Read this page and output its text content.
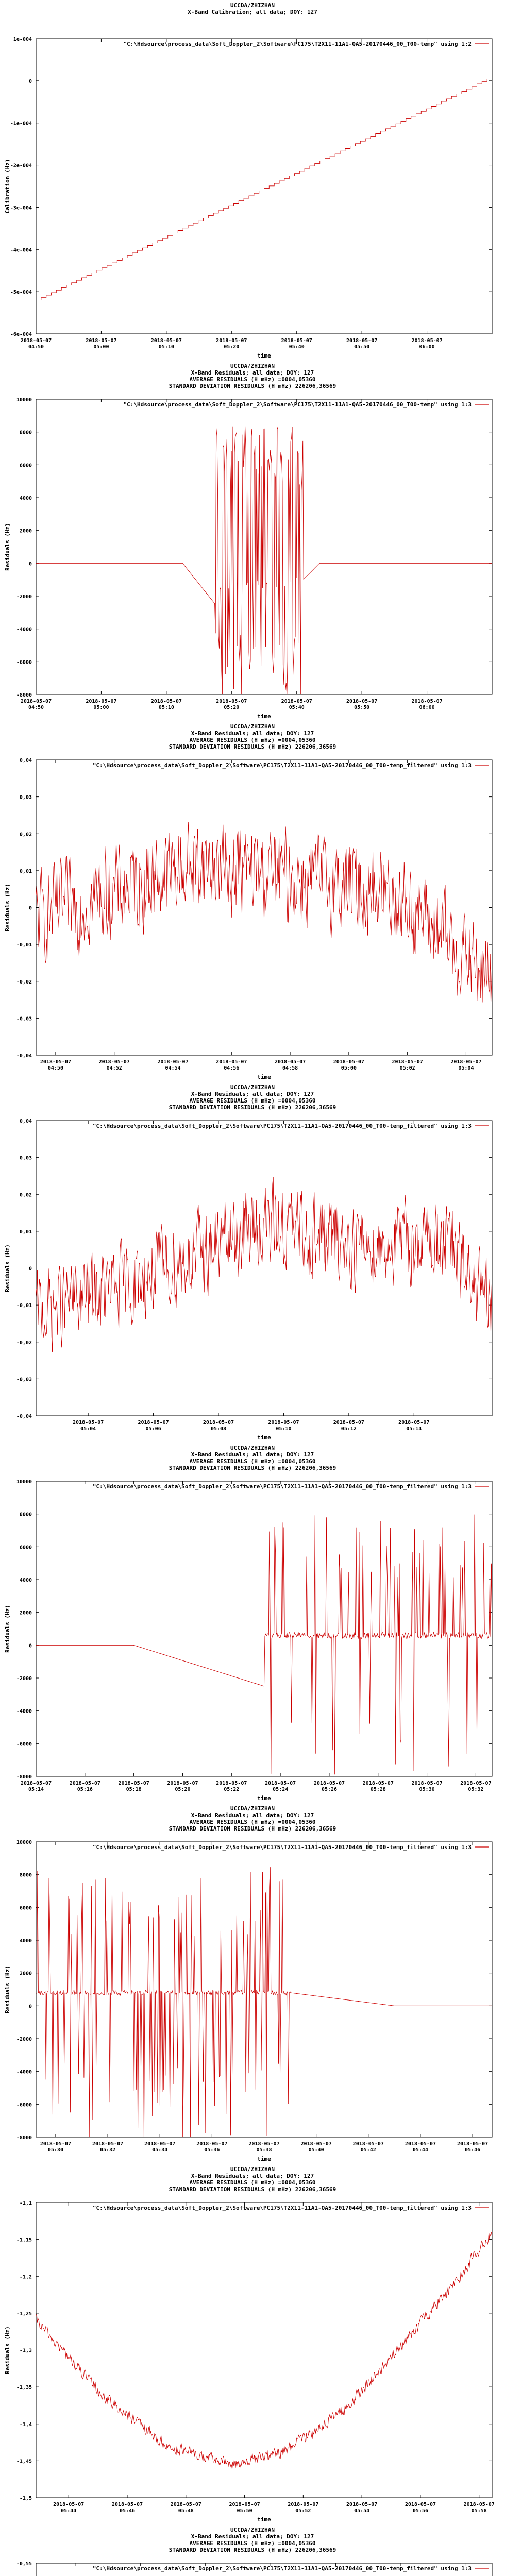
UCCDA/ZHIZHAN
X-Band Calibration; all data; DOY: 127
1e-004
0
-1e-004
-2e-004
-3e-004
-4e-004
-5e-004
-6e-004
2018-05-07
04:50
2018-05-07
05:00
2018-05-07
05:10
2018-05-07
05:20
2018-05-07
05:40
2018-05-07
05:50
2018-05-07
06:00
Calibration (Hz)
time
"C:\Hdsource\process_data\Soft_Doppler_2\Software\PC175\T2X11-11A1-QA5-20170446_00_T00-temp" using 1:2
UCCDA/ZHIZHAN
X-Band Residuals; all data; DOY: 127
AVERAGE RESIDUALS (H mHz) =0004,05360
STANDARD DEVIATION RESIDUALS (H mHz) 226206,36569
10000
8000
6000
4000
2000
0
-2000
-4000
-6000
-8000
2018-05-07
04:50
2018-05-07
05:00
2018-05-07
05:10
2018-05-07
05:20
2018-05-07
05:40
2018-05-07
05:50
2018-05-07
06:00
Residuals (Hz)
time
"C:\Hdsource\process_data\Soft_Doppler_2\Software\PC175\T2X11-11A1-QA5-20170446_00_T00-temp" using 1:3
UCCDA/ZHIZHAN
X-Band Residuals; all data; DOY: 127
AVERAGE RESIDUALS (H mHz) =0004,05360
STANDARD DEVIATION RESIDUALS (H mHz) 226206,36569
0,04
0,03
0,02
0,01
0
-0,01
-0,02
-0,03
-0,04
2018-05-07
04:50
2018-05-07
04:52
2018-05-07
04:54
2018-05-07
04:56
2018-05-07
04:58
2018-05-07
05:00
2018-05-07
05:02
2018-05-07
05:04
Residuals (Hz)
time
"C:\Hdsource\process_data\Soft_Doppler_2\Software\PC175\T2X11-11A1-QA5-20170446_00_T00-temp_filtered" using 1:3
UCCDA/ZHIZHAN
X-Band Residuals; all data; DOY: 127
AVERAGE RESIDUALS (H mHz) =0004,05360
STANDARD DEVIATION RESIDUALS (H mHz) 226206,36569
0,04
0,03
0,02
0,01
0
-0,01
-0,02
-0,03
-0,04
2018-05-07
05:04
2018-05-07
05:06
2018-05-07
05:08
2018-05-07
05:10
2018-05-07
05:12
2018-05-07
05:14
Residuals (Hz)
time
"C:\Hdsource\process_data\Soft_Doppler_2\Software\PC175\T2X11-11A1-QA5-20170446_00_T00-temp_filtered" using 1:3
UCCDA/ZHIZHAN
X-Band Residuals; all data; DOY: 127
AVERAGE RESIDUALS (H mHz) =0004,05360
STANDARD DEVIATION RESIDUALS (H mHz) 226206,36569
10000
8000
6000
4000
2000
0
-2000
-4000
-6000
-8000
2018-05-07
05:14
2018-05-07
05:16
2018-05-07
05:18
2018-05-07
05:20
2018-05-07
05:22
2018-05-07
05:24
2018-05-07
05:26
2018-05-07
05:28
2018-05-07
05:30
2018-05-07
05:32
Residuals (Hz)
time
"C:\Hdsource\process_data\Soft_Doppler_2\Software\PC175\T2X11-11A1-QA5-20170446_00_T00-temp_filtered" using 1:3
UCCDA/ZHIZHAN
X-Band Residuals; all data; DOY: 127
AVERAGE RESIDUALS (H mHz) =0004,05360
STANDARD DEVIATION RESIDUALS (H mHz) 226206,36569
10000
8000
6000
4000
2000
0
-2000
-4000
-6000
-8000
2018-05-07
05:30
2018-05-07
05:32
2018-05-07
05:34
2018-05-07
05:36
2018-05-07
05:38
2018-05-07
05:40
2018-05-07
05:42
2018-05-07
05:44
2018-05-07
05:46
Residuals (Hz)
time
"C:\Hdsource\process_data\Soft_Doppler_2\Software\PC175\T2X11-11A1-QA5-20170446_00_T00-temp_filtered" using 1:3
UCCDA/ZHIZHAN
X-Band Residuals; all data; DOY: 127
AVERAGE RESIDUALS (H mHz) =0004,05360
STANDARD DEVIATION RESIDUALS (H mHz) 226206,36569
-1,1
-1,15
-1,2
-1,25
-1,3
-1,35
-1,4
-1,45
-1,5
2018-05-07
05:44
2018-05-07
05:46
2018-05-07
05:48
2018-05-07
05:50
2018-05-07
05:52
2018-05-07
05:54
2018-05-07
05:56
2018-05-07
05:58
Residuals (Hz)
time
"C:\Hdsource\process_data\Soft_Doppler_2\Software\PC175\T2X11-11A1-QA5-20170446_00_T00-temp_filtered" using 1:3
UCCDA/ZHIZHAN
X-Band Residuals; all data; DOY: 127
AVERAGE RESIDUALS (H mHz) =0004,05360
STANDARD DEVIATION RESIDUALS (H mHz) 226206,36569
-0,55
"C:\Hdsource\process_data\Soft_Doppler_2\Software\PC175\T2X11-11A1-QA5-20170446_00_T00-temp_filtered" using 1:3
